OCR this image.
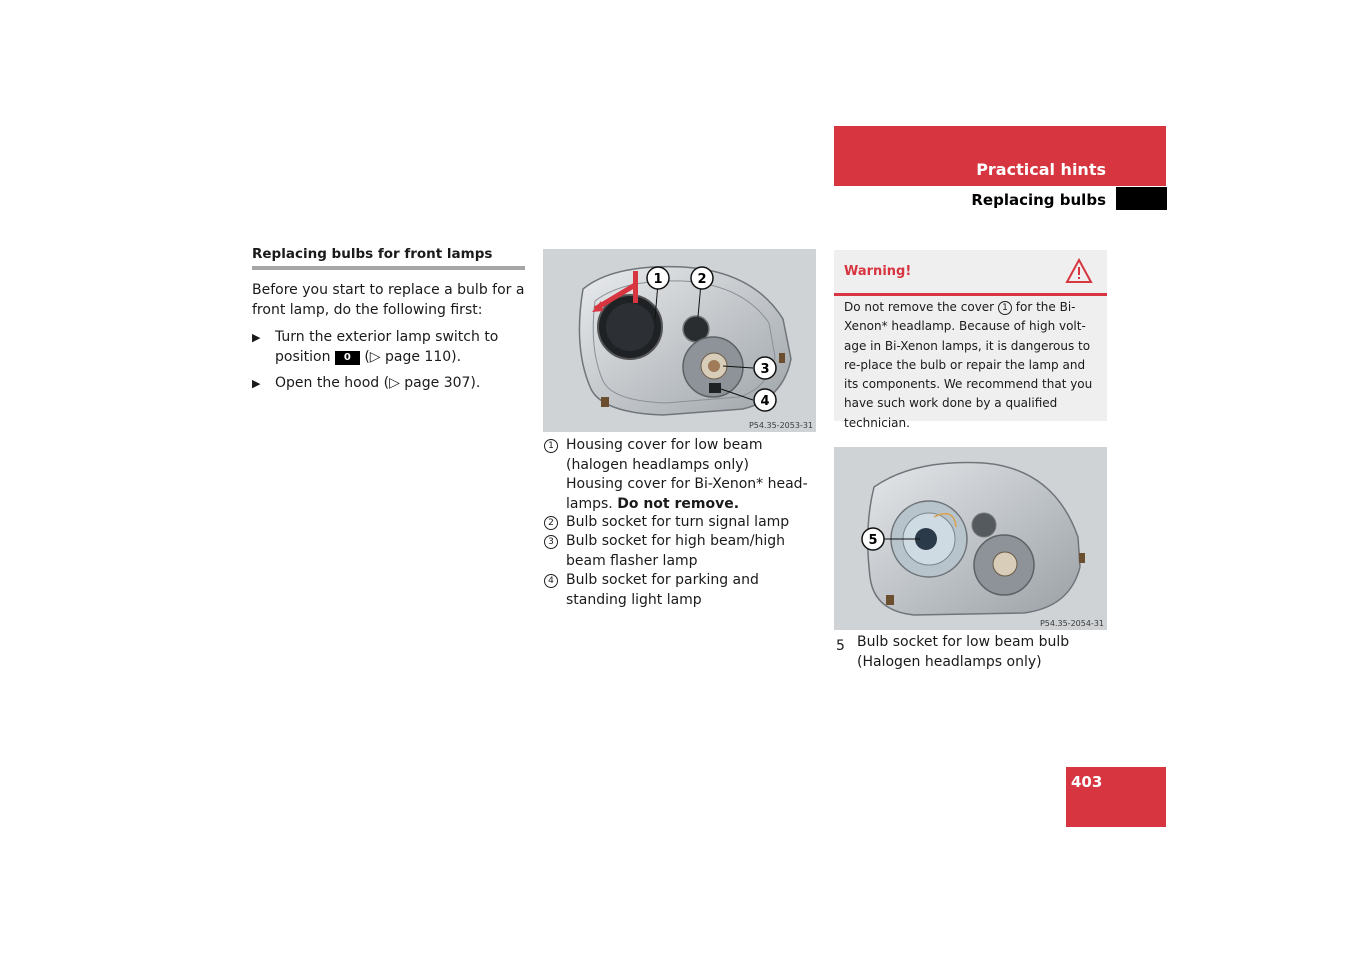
Practical hints
Replacing bulbs
Replacing bulbs for front lamps
Before you start to replace a bulb for a front lamp, do the following first:
▶ Turn the exterior lamp switch to position 0 (▷ page 110).
▶ Open the hood (▷ page 307).
1	2
3
4
P54.35-2053-31
1 Housing cover for low beam (halogen headlamps only)
Housing cover for Bi-Xenon* head-lamps. Do not remove.
2 Bulb socket for turn signal lamp
3 Bulb socket for high beam/high beam flasher lamp
4 Bulb socket for parking and standing light lamp
Warning!
Do not remove the cover 1 for the Bi-Xenon* headlamp. Because of high volt-age in Bi-Xenon lamps, it is dangerous to re-place the bulb or repair the lamp and its components. We recommend that you have such work done by a qualified technician.
5
P54.35-2054-31
5 Bulb socket for low beam bulb (Halogen headlamps only)
403
